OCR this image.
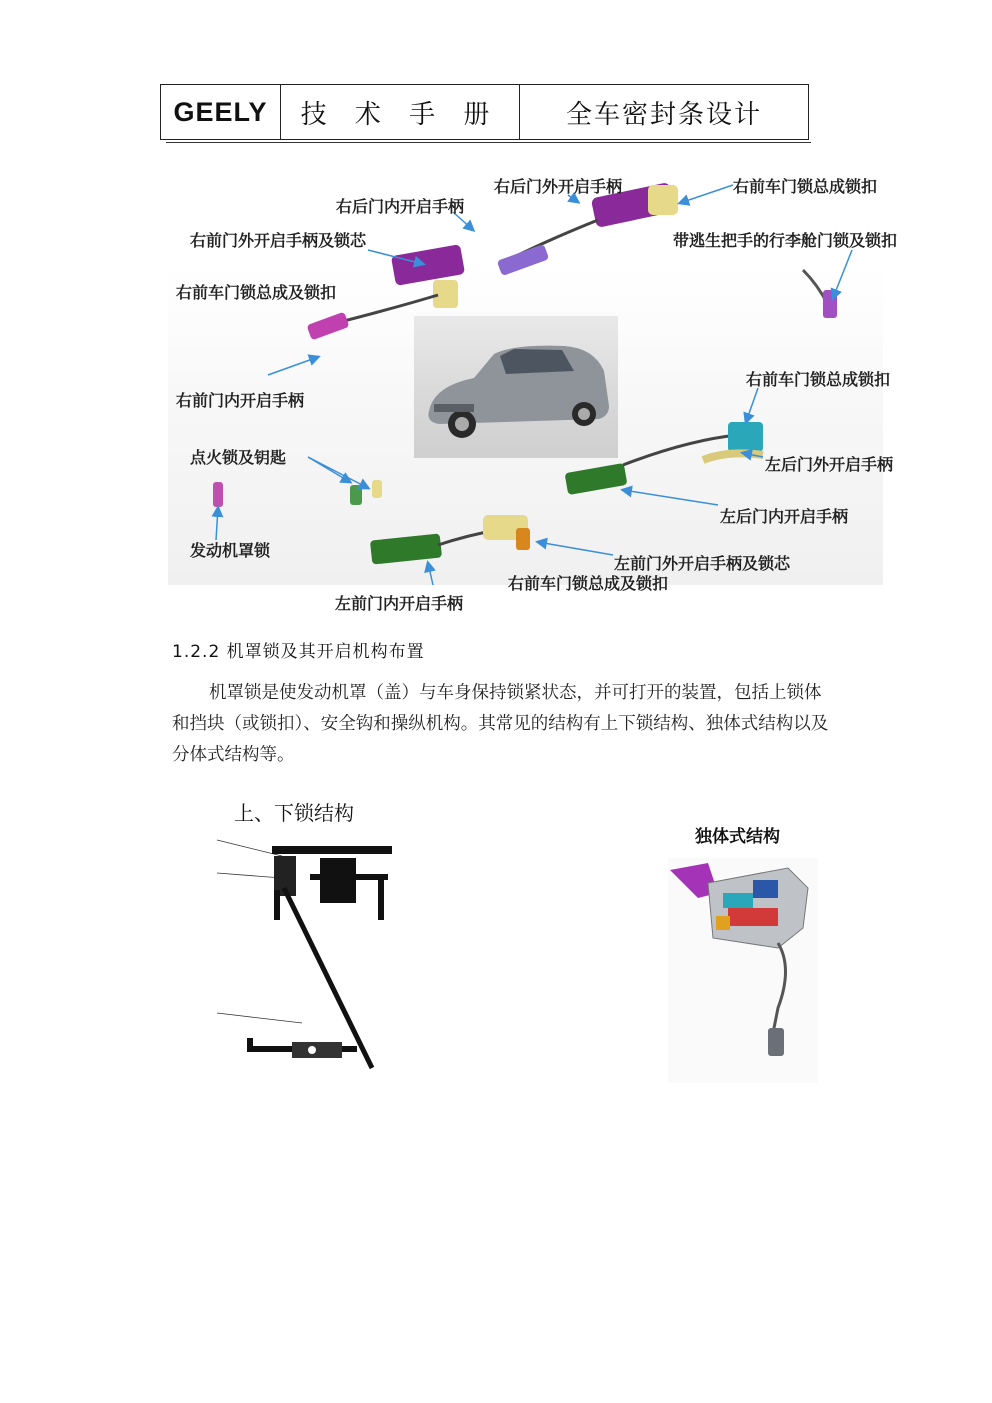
GEELY	技 术 手 册	全车密封条设计
右后门外开启手柄	右前车门锁总成锁扣
右后门内开启手柄
右前门外开启手柄及锁芯	带逃生把手的行李舱门锁及锁扣
右前车门锁总成及锁扣
右前门内开启手柄
右前车门锁总成锁扣
点火锁及钥匙	左后门外开启手柄
左后门内开启手柄
发动机罩锁
左前门外开启手柄及锁芯
右前车门锁总成及锁扣
左前门内开启手柄
1.2.2 机罩锁及其开启机构布置

机罩锁是使发动机罩（盖）与车身保持锁紧状态，并可打开的装置，包括上锁体和挡块（或锁扣）、安全钩和操纵机构。其常见的结构有上下锁结构、独体式结构以及分体式结构等。

上、下锁结构
独体式结构
